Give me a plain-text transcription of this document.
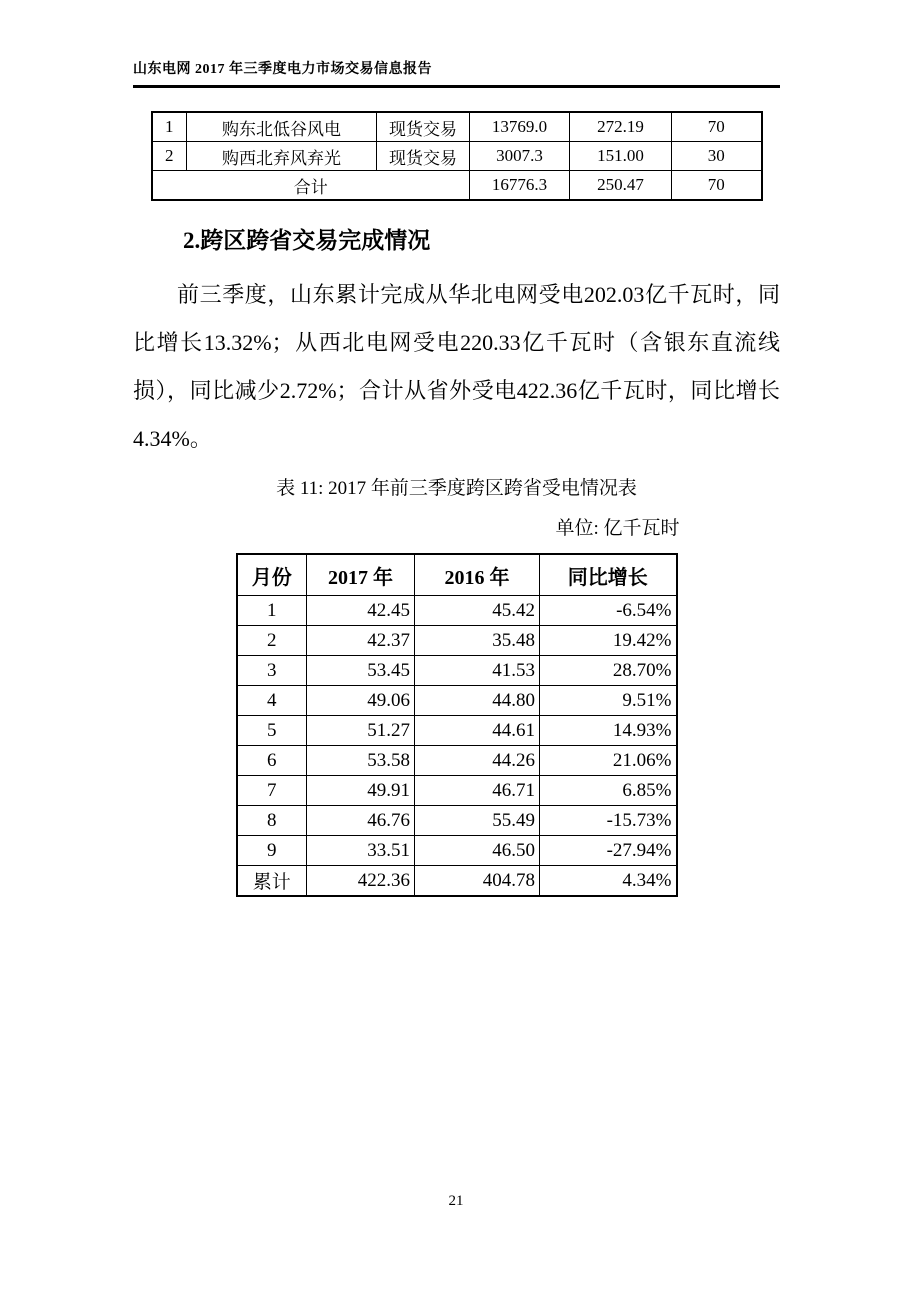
山东电网 2017 年三季度电力市场交易信息报告
1	购东北低谷风电	现货交易	13769.0	272.19	70
2	购西北弃风弃光	现货交易	3007.3	151.00	30
合计			16776.3	250.47	70
2.跨区跨省交易完成情况

前三季度，山东累计完成从华北电网受电202.03亿千瓦时，同比增长13.32%；从西北电网受电220.33亿千瓦时（含银东直流线损），同比减少2.72%；合计从省外受电422.36亿千瓦时，同比增长4.34%。

表 11: 2017 年前三季度跨区跨省受电情况表
单位: 亿千瓦时
月份	2017 年	2016 年	同比增长
1	42.45	45.42	-6.54%
2	42.37	35.48	19.42%
3	53.45	41.53	28.70%
4	49.06	44.80	9.51%
5	51.27	44.61	14.93%
6	53.58	44.26	21.06%
7	49.91	46.71	6.85%
8	46.76	55.49	-15.73%
9	33.51	46.50	-27.94%
累计	422.36	404.78	4.34%
21
